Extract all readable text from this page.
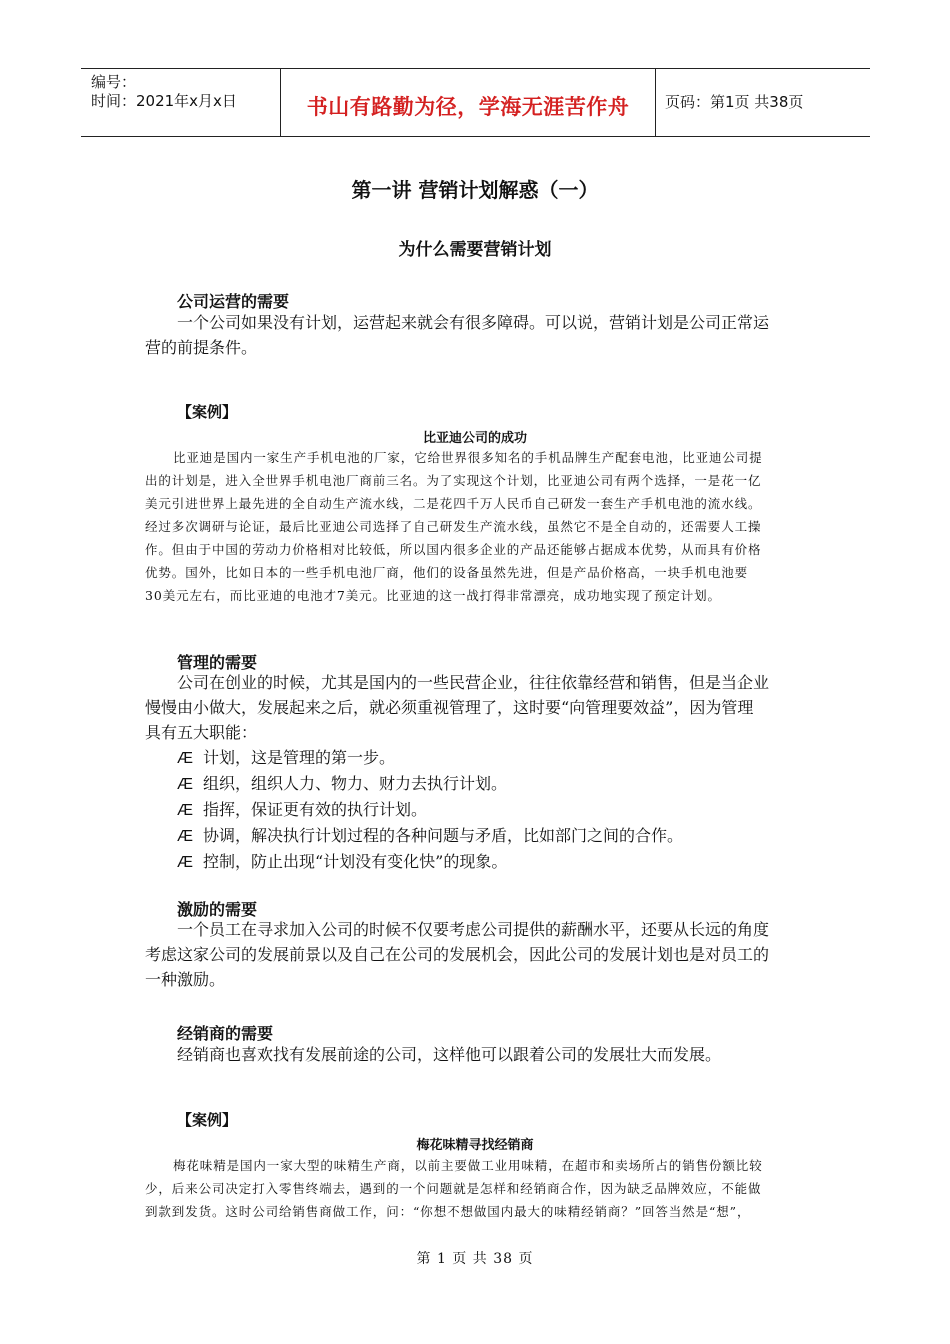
编号：
时间：2021年x月x日	书山有路勤为径，学海无涯苦作舟	页码：第1页 共38页
第一讲 营销计划解惑（一）
为什么需要营销计划
公司运营的需要

一个公司如果没有计划，运营起来就会有很多障碍。可以说，营销计划是公司正常运

营的前提条件。

【案例】
比亚迪公司的成功

比亚迪是国内一家生产手机电池的厂家，它给世界很多知名的手机品牌生产配套电池，比亚迪公司提

出的计划是，进入全世界手机电池厂商前三名。为了实现这个计划，比亚迪公司有两个选择，一是花一亿

美元引进世界上最先进的全自动生产流水线，二是花四千万人民币自己研发一套生产手机电池的流水线。

经过多次调研与论证，最后比亚迪公司选择了自己研发生产流水线，虽然它不是全自动的，还需要人工操

作。但由于中国的劳动力价格相对比较低，所以国内很多企业的产品还能够占据成本优势，从而具有价格

优势。国外，比如日本的一些手机电池厂商，他们的设备虽然先进，但是产品价格高，一块手机电池要

30美元左右，而比亚迪的电池才7美元。比亚迪的这一战打得非常漂亮，成功地实现了预定计划。

管理的需要

公司在创业的时候，尤其是国内的一些民营企业，往往依靠经营和销售，但是当企业

慢慢由小做大，发展起来之后，就必须重视管理了，这时要“向管理要效益”，因为管理

具有五大职能：

Æ 计划，这是管理的第一步。
Æ 组织，组织人力、物力、财力去执行计划。
Æ 指挥，保证更有效的执行计划。
Æ 协调，解决执行计划过程的各种问题与矛盾，比如部门之间的合作。
Æ 控制，防止出现“计划没有变化快”的现象。
激励的需要

一个员工在寻求加入公司的时候不仅要考虑公司提供的薪酬水平，还要从长远的角度

考虑这家公司的发展前景以及自己在公司的发展机会，因此公司的发展计划也是对员工的

一种激励。

经销商的需要

经销商也喜欢找有发展前途的公司，这样他可以跟着公司的发展壮大而发展。

【案例】
梅花味精寻找经销商

梅花味精是国内一家大型的味精生产商，以前主要做工业用味精，在超市和卖场所占的销售份额比较

少，后来公司决定打入零售终端去，遇到的一个问题就是怎样和经销商合作，因为缺乏品牌效应，不能做

到款到发货。这时公司给销售商做工作，问：“你想不想做国内最大的味精经销商？”回答当然是“想”，

第 1 页 共 38 页
